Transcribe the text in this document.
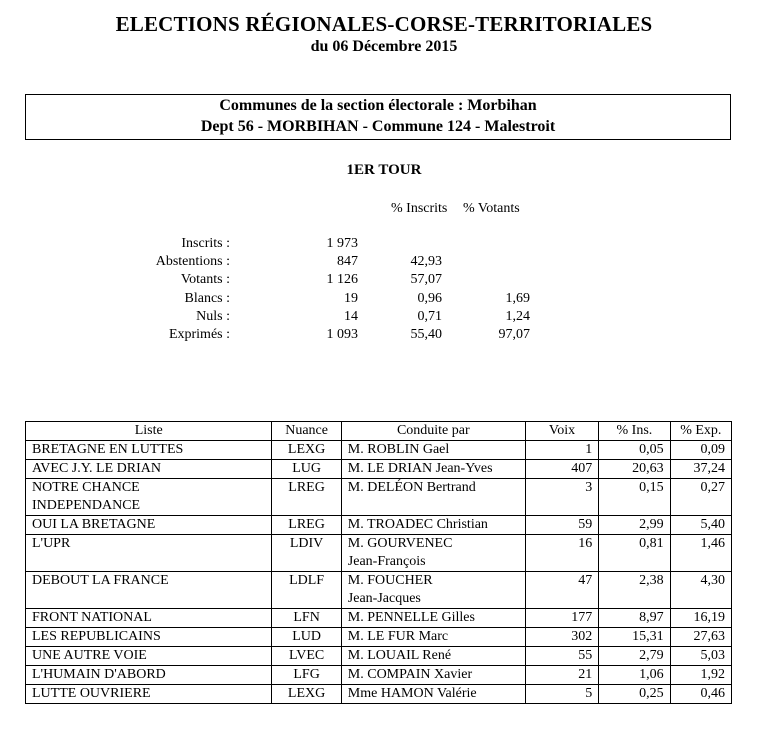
ELECTIONS RÉGIONALES-CORSE-TERRITORIALES
du 06 Décembre 2015
Communes de la section électorale : Morbihan
Dept 56 - MORBIHAN - Commune 124 - Malestroit
1ER TOUR
% Inscrits % Votants
Inscrits :	1 973
Abstentions :	847	42,93
Votants :	1 126	57,07
Blancs :	19	0,96	1,69
Nuls :	14	0,71	1,24
Exprimés :	1 093	55,40	97,07
Liste	Nuance	Conduite par	Voix	% Ins.	% Exp.

BRETAGNE EN LUTTES	LEXG	M. ROBLIN Gael	1	0,05	0,09

AVEC J.Y. LE DRIAN	LUG	M. LE DRIAN Jean-Yves	407	20,63	37,24

NOTRE CHANCE
INDEPENDANCE	LREG	M. DELÉON Bertrand	3	0,15	0,27

OUI LA BRETAGNE	LREG	M. TROADEC Christian	59	2,99	5,40

L'UPR	LDIV	M. GOURVENEC
Jean-François	16	0,81	1,46

DEBOUT LA FRANCE	LDLF	M. FOUCHER
Jean-Jacques	47	2,38	4,30

FRONT NATIONAL	LFN	M. PENNELLE Gilles	177	8,97	16,19

LES REPUBLICAINS	LUD	M. LE FUR Marc	302	15,31	27,63

UNE AUTRE VOIE	LVEC	M. LOUAIL René	55	2,79	5,03

L'HUMAIN D'ABORD	LFG	M. COMPAIN Xavier	21	1,06	1,92

LUTTE OUVRIERE	LEXG	Mme HAMON Valérie	5	0,25	0,46
